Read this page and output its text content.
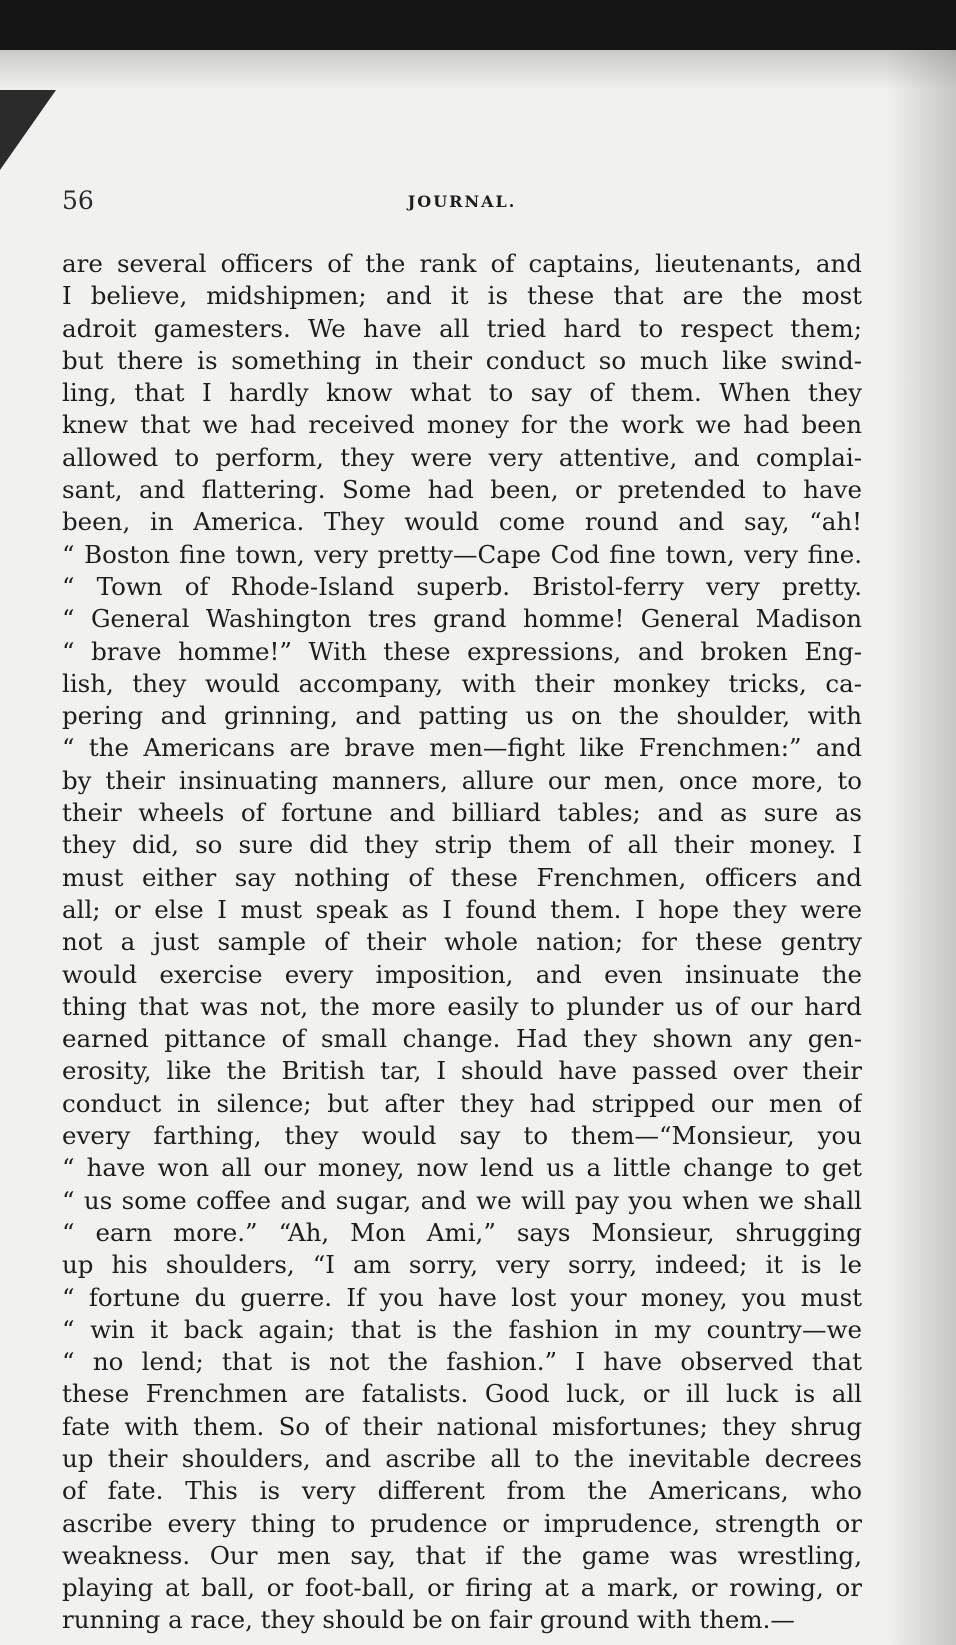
56	JOURNAL.
are several officers of the rank of captains, lieutenants, and
I believe, midshipmen; and it is these that are the most
adroit gamesters. We have all tried hard to respect them;
but there is something in their conduct so much like swind-
ling, that I hardly know what to say of them. When they
knew that we had received money for the work we had been
allowed to perform, they were very attentive, and complai-
sant, and flattering. Some had been, or pretended to have
been, in America. They would come round and say, “ah!
“ Boston fine town, very pretty—Cape Cod fine town, very fine.
“ Town of Rhode-Island superb. Bristol-ferry very pretty.
“ General Washington tres grand homme! General Madison
“ brave homme!” With these expressions, and broken Eng-
lish, they would accompany, with their monkey tricks, ca-
pering and grinning, and patting us on the shoulder, with
“ the Americans are brave men—fight like Frenchmen:” and
by their insinuating manners, allure our men, once more, to
their wheels of fortune and billiard tables; and as sure as
they did, so sure did they strip them of all their money. I
must either say nothing of these Frenchmen, officers and
all; or else I must speak as I found them. I hope they were
not a just sample of their whole nation; for these gentry
would exercise every imposition, and even insinuate the
thing that was not, the more easily to plunder us of our hard
earned pittance of small change. Had they shown any gen-
erosity, like the British tar, I should have passed over their
conduct in silence; but after they had stripped our men of
every farthing, they would say to them—“Monsieur, you
“ have won all our money, now lend us a little change to get
“ us some coffee and sugar, and we will pay you when we shall
“ earn more.” “Ah, Mon Ami,” says Monsieur, shrugging
up his shoulders, “I am sorry, very sorry, indeed; it is le
“ fortune du guerre. If you have lost your money, you must
“ win it back again; that is the fashion in my country—we
“ no lend; that is not the fashion.” I have observed that
these Frenchmen are fatalists. Good luck, or ill luck is all
fate with them. So of their national misfortunes; they shrug
up their shoulders, and ascribe all to the inevitable decrees
of fate. This is very different from the Americans, who
ascribe every thing to prudence or imprudence, strength or
weakness. Our men say, that if the game was wrestling,
playing at ball, or foot-ball, or firing at a mark, or rowing, or
running a race, they should be on fair ground with them.—
